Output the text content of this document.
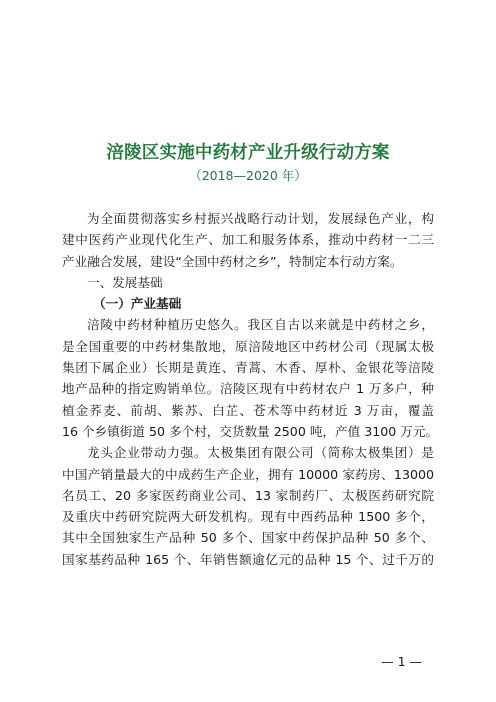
涪陵区实施中药材产业升级行动方案
（2018—2020 年）
为全面贯彻落实乡村振兴战略行动计划，发展绿色产业，构
建中医药产业现代化生产、加工和服务体系，推动中药材一二三
产业融合发展，建设“全国中药材之乡”，特制定本行动方案。
一、发展基础
（一）产业基础
涪陵中药材种植历史悠久。我区自古以来就是中药材之乡，
是全国重要的中药材集散地，原涪陵地区中药材公司（现属太极
集团下属企业）长期是黄连、青蒿、木香、厚朴、金银花等涪陵
地产品种的指定购销单位。涪陵区现有中药材农户 1 万多户，种
植金荞麦、前胡、紫苏、白芷、苍术等中药材近 3 万亩，覆盖
16 个乡镇街道 50 多个村，交货数量 2500 吨，产值 3100 万元。
龙头企业带动力强。太极集团有限公司（简称太极集团）是
中国产销量最大的中成药生产企业，拥有 10000 家药房、13000
名员工、20 多家医药商业公司、13 家制药厂、太极医药研究院
及重庆中药研究院两大研发机构。现有中西药品种 1500 多个，
其中全国独家生产品种 50 多个、国家中药保护品种 50 多个、
国家基药品种 165 个、年销售额逾亿元的品种 15 个、过千万的
— 1 —
